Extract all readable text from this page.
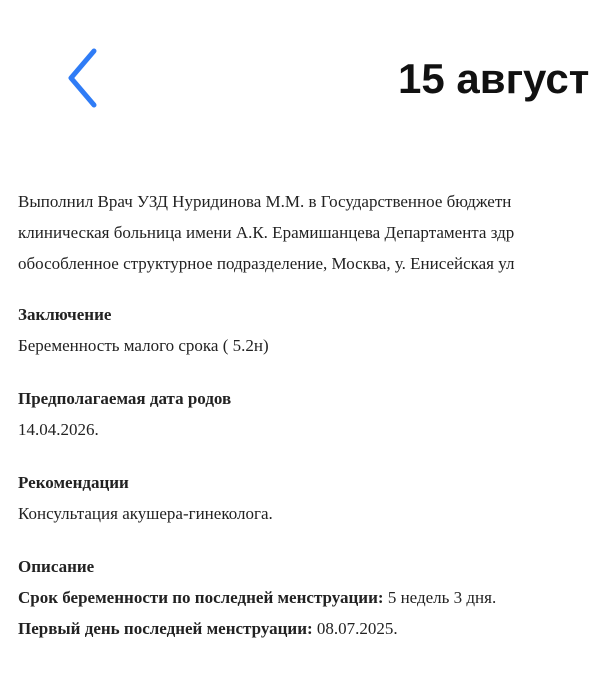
15 август
Выполнил Врач УЗД Нуридинова М.М. в Государственное бюджетн
клиническая больница имени А.К. Ерамишанцева Департамента здр
обособленное структурное подразделение, Москва, у. Енисейская ул
Заключение
Беременность малого срока ( 5.2н)
Предполагаемая дата родов
14.04.2026.
Рекомендации
Консультация акушера-гинеколога.
Описание
Срок беременности по последней менструации: 5 недель 3 дня.
Первый день последней менструации: 08.07.2025.
